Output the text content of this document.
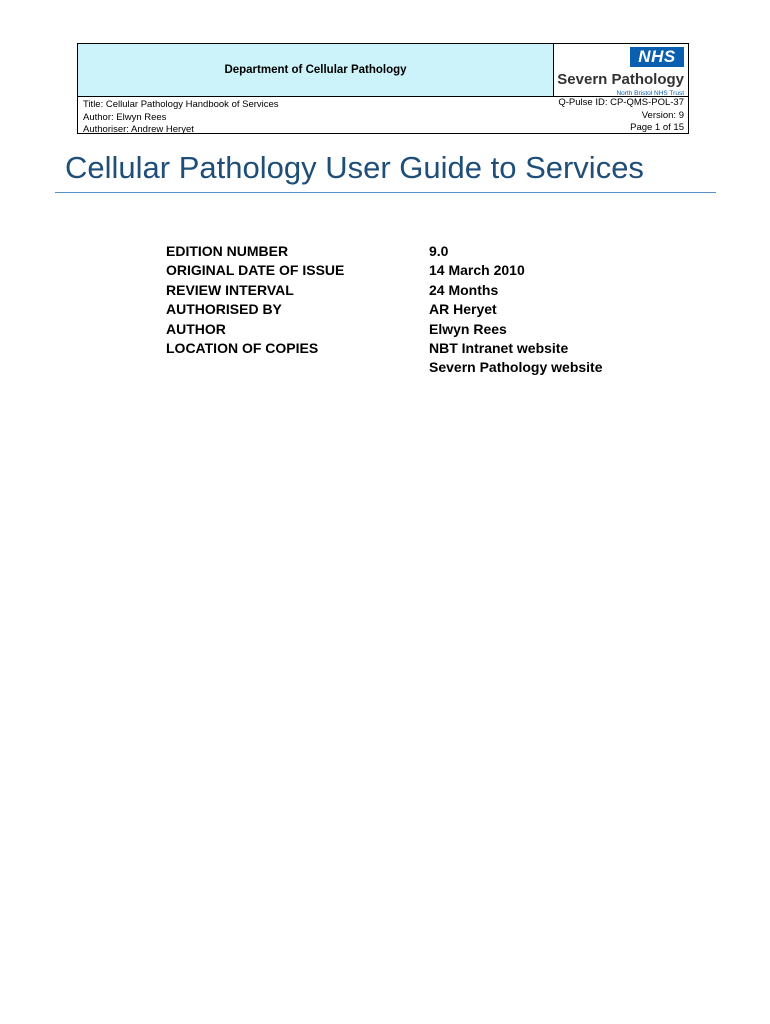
Department of Cellular Pathology
NHS
Severn Pathology
North Bristol NHS Trust
Title: Cellular Pathology Handbook of Services
Author: Elwyn Rees
Authoriser: Andrew Heryet
Q-Pulse ID: CP-QMS-POL-37
Version: 9
Page 1 of 15
Cellular Pathology User Guide to Services
EDITION NUMBER	9.0
ORIGINAL DATE OF ISSUE	14 March 2010
REVIEW INTERVAL	24 Months
AUTHORISED BY	AR Heryet
AUTHOR	Elwyn Rees
LOCATION OF COPIES	NBT Intranet website
Severn Pathology website
